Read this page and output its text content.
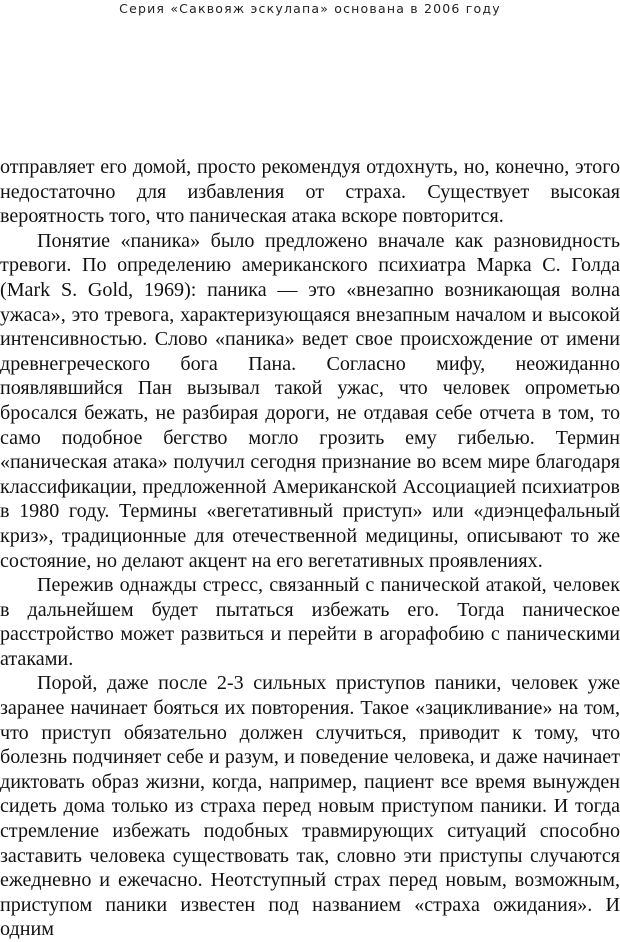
Серия «Саквояж эскулапа» основана в 2006 году

отправляет его домой, просто рекомендуя отдохнуть, но, конечно, этого недостаточно для избавления от страха. Существует высокая вероятность того, что паническая атака вскоре повторится.

Понятие «паника» было предложено вначале как разновидность тревоги. По определению американского психиатра Марка С. Голда (Mark S. Gold, 1969): паника — это «внезапно возникающая волна ужаса», это тревога, характеризующаяся внезапным началом и высокой интенсивностью. Слово «паника» ведет свое происхождение от имени древнегреческого бога Пана. Согласно мифу, неожиданно появлявшийся Пан вызывал такой ужас, что человек опрометью бросался бежать, не разбирая дороги, не отдавая себе отчета в том, то само подобное бегство могло грозить ему гибелью. Термин «паническая атака» получил сегодня признание во всем мире благодаря классификации, предложенной Американской Ассоциацией психиатров в 1980 году. Термины «вегетативный приступ» или «диэнцефальный криз», традиционные для отечественной медицины, описывают то же состояние, но делают акцент на его вегетативных проявлениях.

Пережив однажды стресс, связанный с панической атакой, человек в дальнейшем будет пытаться избежать его. Тогда паническое расстройство может развиться и перейти в агорафобию с паническими атаками.

Порой, даже после 2-3 сильных приступов паники, человек уже заранее начинает бояться их повторения. Такое «зацикливание» на том, что приступ обязательно должен случиться, приводит к тому, что болезнь подчиняет себе и разум, и поведение человека, и даже начинает диктовать образ жизни, когда, например, пациент все время вынужден сидеть дома только из страха перед новым приступом паники. И тогда стремление избежать подобных травмирующих ситуаций способно заставить человека существовать так, словно эти приступы случаются ежедневно и ежечасно. Неотступный страх перед новым, возможным, приступом паники известен под названием «страха ожидания». И одним
